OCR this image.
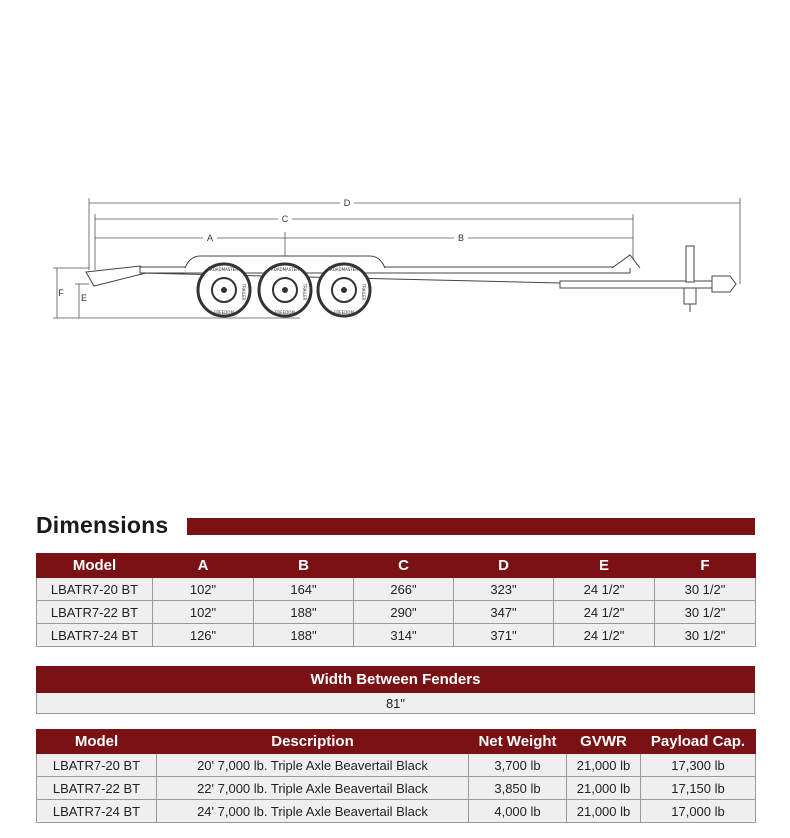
ROADMASTER
FREEDOM
TRAILER
ROADMASTER
FREEDOM
TRAILER
ROADMASTER
FREEDOM
TRAILER
D
C
A	B
F E
Dimensions
Model	A	B	C	D	E	F
LBATR7-20 BT	102"	164"	266"	323"	24 1/2"	30 1/2"
LBATR7-22 BT	102"	188"	290"	347"	24 1/2"	30 1/2"
LBATR7-24 BT	126"	188"	314"	371"	24 1/2"	30 1/2"
Width Between Fenders
81"
Model	Description	Net Weight	GVWR	Payload Cap.
LBATR7-20 BT	20' 7,000 lb. Triple Axle Beavertail Black	3,700 lb	21,000 lb	17,300 lb
LBATR7-22 BT	22' 7,000 lb. Triple Axle Beavertail Black	3,850 lb	21,000 lb	17,150 lb
LBATR7-24 BT	24' 7,000 lb. Triple Axle Beavertail Black	4,000 lb	21,000 lb	17,000 lb
